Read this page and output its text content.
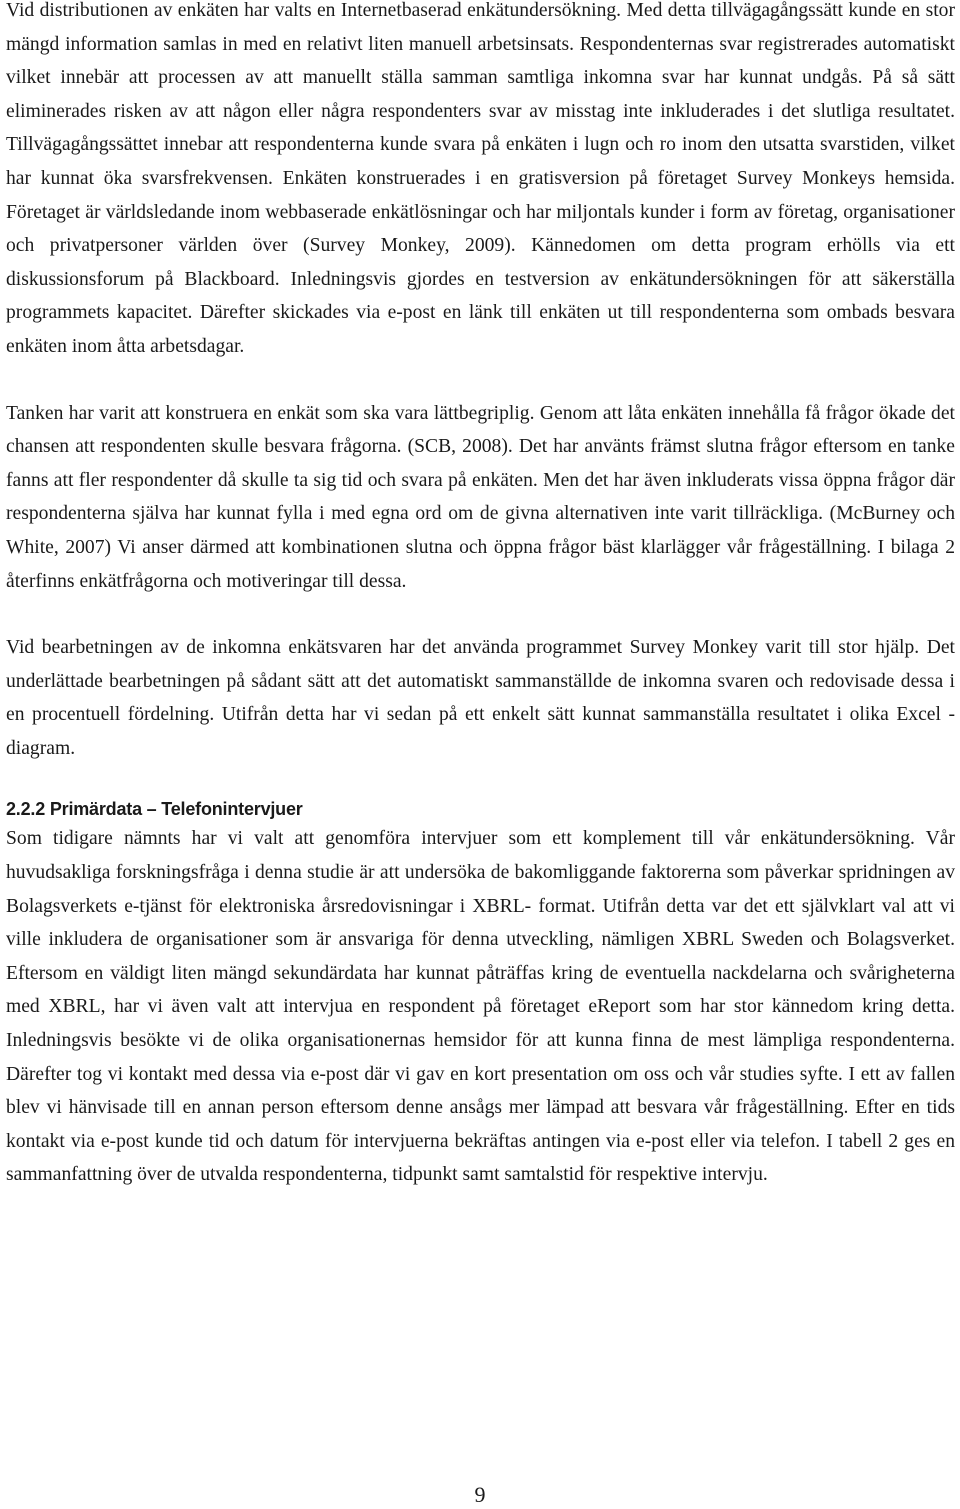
Vid distributionen av enkäten har valts en Internetbaserad enkätundersökning. Med detta tillvägagångssätt kunde en stor mängd information samlas in med en relativt liten manuell arbetsinsats. Respondenternas svar registrerades automatiskt vilket innebär att processen av att manuellt ställa samman samtliga inkomna svar har kunnat undgås. På så sätt eliminerades risken av att någon eller några respondenters svar av misstag inte inkluderades i det slutliga resultatet. Tillvägagångssättet innebar att respondenterna kunde svara på enkäten i lugn och ro inom den utsatta svarstiden, vilket har kunnat öka svarsfrekvensen. Enkäten konstruerades i en gratisversion på företaget Survey Monkeys hemsida. Företaget är världsledande inom webbaserade enkätlösningar och har miljontals kunder i form av företag, organisationer och privatpersoner världen över (Survey Monkey, 2009). Kännedomen om detta program erhölls via ett diskussionsforum på Blackboard. Inledningsvis gjordes en testversion av enkätundersökningen för att säkerställa programmets kapacitet. Därefter skickades via e-post en länk till enkäten ut till respondenterna som ombads besvara enkäten inom åtta arbetsdagar.

Tanken har varit att konstruera en enkät som ska vara lättbegriplig. Genom att låta enkäten innehålla få frågor ökade det chansen att respondenten skulle besvara frågorna. (SCB, 2008). Det har använts främst slutna frågor eftersom en tanke fanns att fler respondenter då skulle ta sig tid och svara på enkäten. Men det har även inkluderats vissa öppna frågor där respondenterna själva har kunnat fylla i med egna ord om de givna alternativen inte varit tillräckliga. (McBurney och White, 2007) Vi anser därmed att kombinationen slutna och öppna frågor bäst klarlägger vår frågeställning. I bilaga 2 återfinns enkätfrågorna och motiveringar till dessa.

Vid bearbetningen av de inkomna enkätsvaren har det använda programmet Survey Monkey varit till stor hjälp. Det underlättade bearbetningen på sådant sätt att det automatiskt sammanställde de inkomna svaren och redovisade dessa i en procentuell fördelning. Utifrån detta har vi sedan på ett enkelt sätt kunnat sammanställa resultatet i olika Excel - diagram.

2.2.2 Primärdata – Telefonintervjuer

Som tidigare nämnts har vi valt att genomföra intervjuer som ett komplement till vår enkätundersökning. Vår huvudsakliga forskningsfråga i denna studie är att undersöka de bakomliggande faktorerna som påverkar spridningen av Bolagsverkets e-tjänst för elektroniska årsredovisningar i XBRL- format. Utifrån detta var det ett självklart val att vi ville inkludera de organisationer som är ansvariga för denna utveckling, nämligen XBRL Sweden och Bolagsverket. Eftersom en väldigt liten mängd sekundärdata har kunnat påträffas kring de eventuella nackdelarna och svårigheterna med XBRL, har vi även valt att intervjua en respondent på företaget eReport som har stor kännedom kring detta. Inledningsvis besökte vi de olika organisationernas hemsidor för att kunna finna de mest lämpliga respondenterna. Därefter tog vi kontakt med dessa via e-post där vi gav en kort presentation om oss och vår studies syfte. I ett av fallen blev vi hänvisade till en annan person eftersom denne ansågs mer lämpad att besvara vår frågeställning. Efter en tids kontakt via e-post kunde tid och datum för intervjuerna bekräftas antingen via e-post eller via telefon. I tabell 2 ges en sammanfattning över de utvalda respondenterna, tidpunkt samt samtalstid för respektive intervju.

9
